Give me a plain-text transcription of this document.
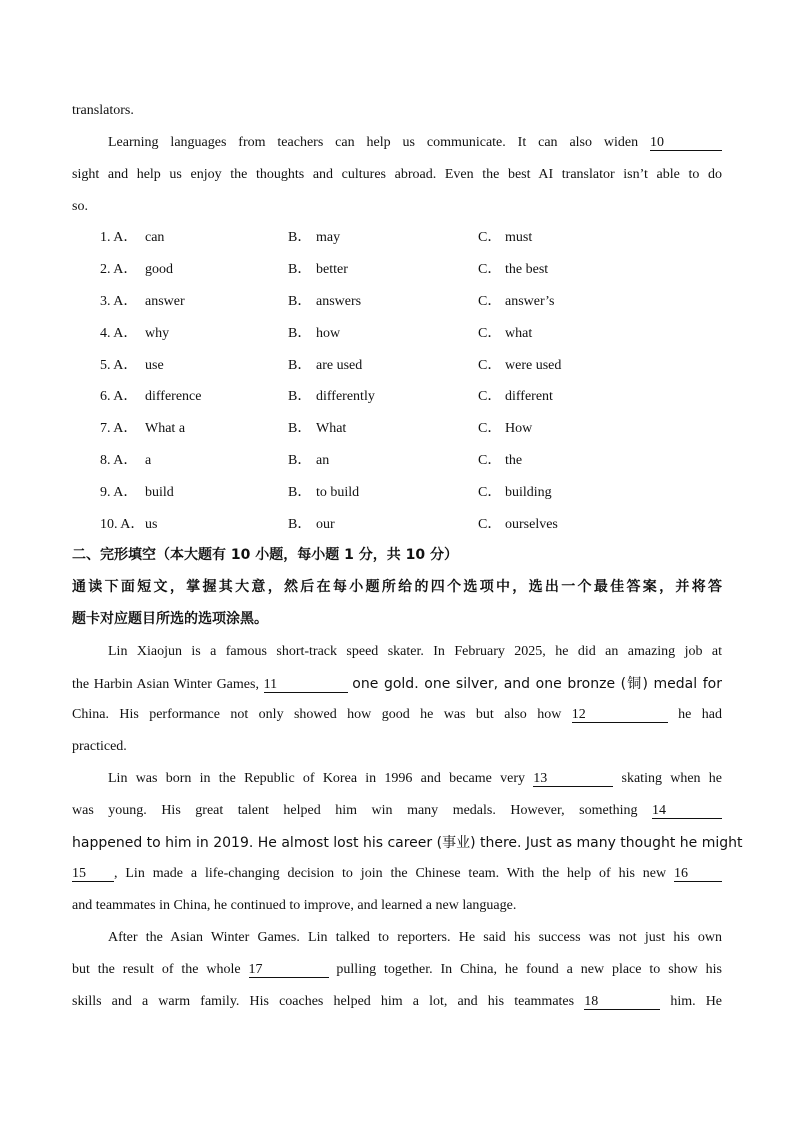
translators.
Learning languages from teachers can help us communicate. It can also widen 10
sight and help us enjoy the thoughts and cultures abroad. Even the best AI translator isn’t able to do
so.
1. A． can	B． may	C． must
2. A． good	B． better	C． the best
3. A． answer	B． answers	C． answer’s
4. A． why	B． how	C． what
5. A． use	B． are used	C． were used
6. A． difference	B． differently	C． different
7. A． What a	B． What	C． How
8. A． a	B． an	C． the
9. A． build	B． to build	C． building
10. A． us	B． our	C． ourselves
二、完形填空（本大题有 10 小题，每小题 1 分，共 10 分）
通读下面短文，掌握其大意，然后在每小题所给的四个选项中，选出一个最佳答案，并将答
题卡对应题目所选的选项涂黑。
Lin Xiaojun is a famous short-track speed skater. In February 2025, he did an amazing job at
the Harbin Asian Winter Games, 11	one gold. one silver, and one bronze (铜) medal for
China. His performance not only showed how good he was but also how 12	he had
practiced.
Lin was born in the Republic of Korea in 1996 and became very 13	skating when he
was young. His great talent helped him win many medals. However, something 14
happened to him in 2019. He almost lost his career (事业) there. Just as many thought he might
15 , Lin made a life-changing decision to join the Chinese team. With the help of his new 16
and teammates in China, he continued to improve, and learned a new language.
After the Asian Winter Games. Lin talked to reporters. He said his success was not just his own
but the result of the whole 17	pulling together. In China, he found a new place to show his
skills and a warm family. His coaches helped him a lot, and his teammates 18	him. He
